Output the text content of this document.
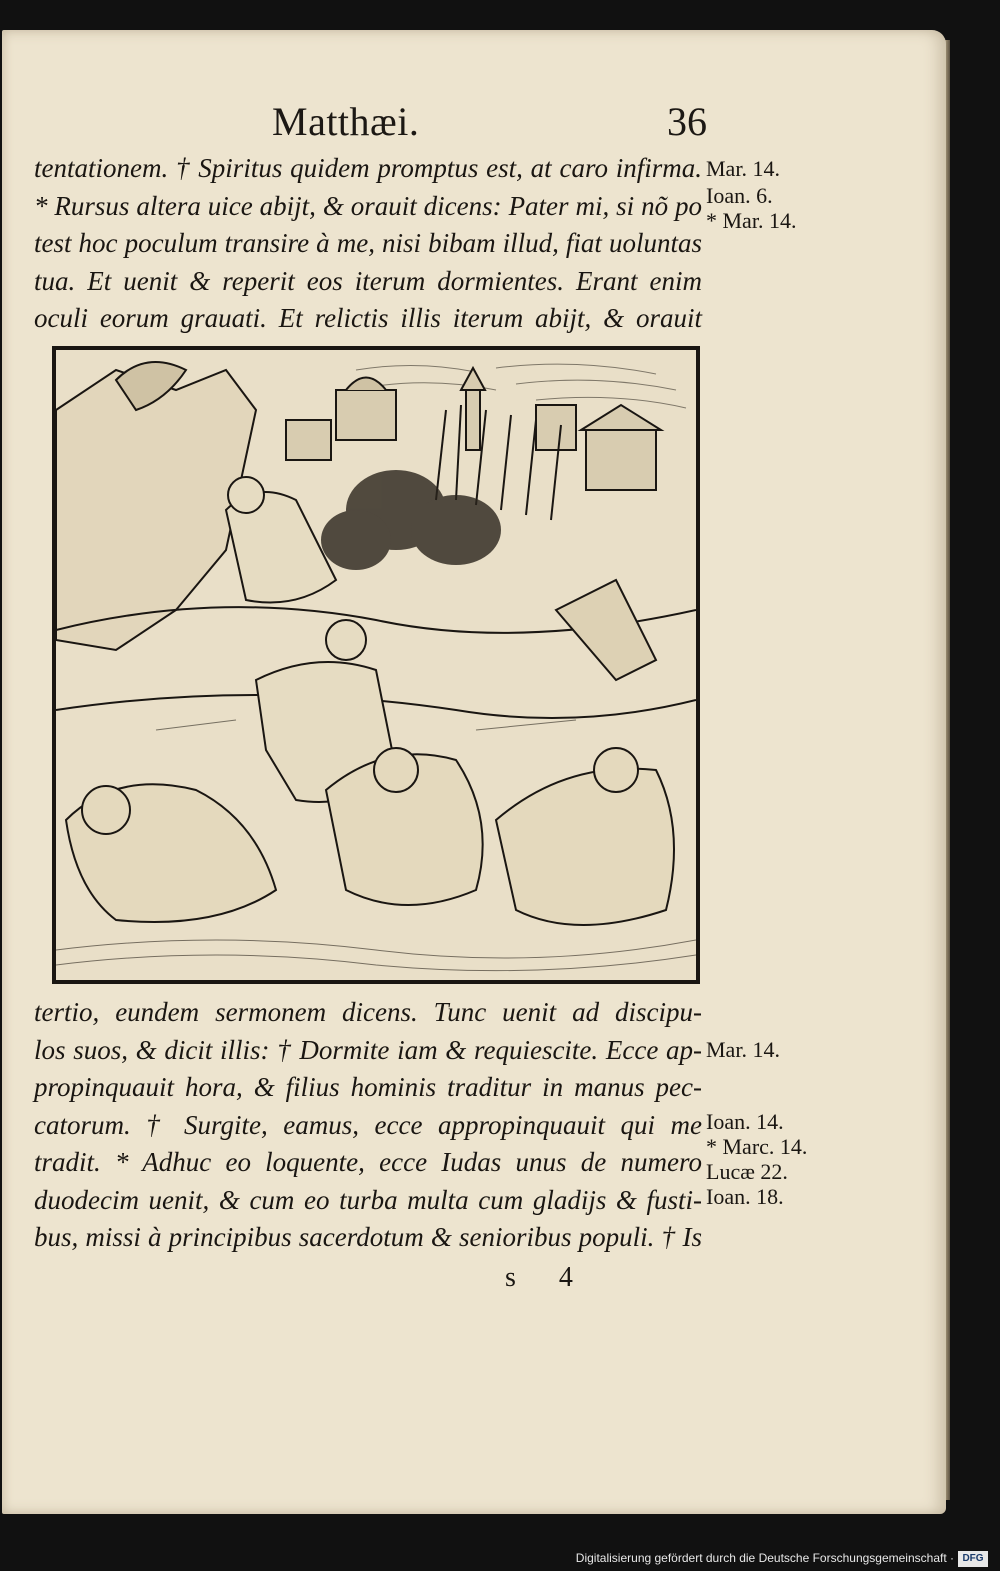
Matthæi.	36
tentationem. † Spiritus quidem promptus est, at caro infirma.
* Rursus altera uice abijt, & orauit dicens: Pater mi, si nõ po
test hoc poculum transire à me, nisi bibam illud, fiat uoluntas
tua. Et uenit & reperit eos iterum dormientes. Erant enim
oculi eorum grauati. Et relictis illis iterum abijt, & orauit
Mar. 14.
Ioan. 6.
* Mar. 14.
tertio, eundem sermonem dicens. Tunc uenit ad discipu-
los suos, & dicit illis: † Dormite iam & requiescite. Ecce ap-
propinquauit hora, & filius hominis traditur in manus pec-
catorum. † Surgite, eamus, ecce appropinquauit qui me
tradit. * Adhuc eo loquente, ecce Iudas unus de numero
duodecim uenit, & cum eo turba multa cum gladijs & fusti-
bus, missi à principibus sacerdotum & senioribus populi. † Is
Mar. 14.
Ioan. 14.
* Marc. 14.
Lucæ 22.
Ioan. 18.
s 4
Digitalisierung gefördert durch die Deutsche Forschungsgemeinschaft · DFG
